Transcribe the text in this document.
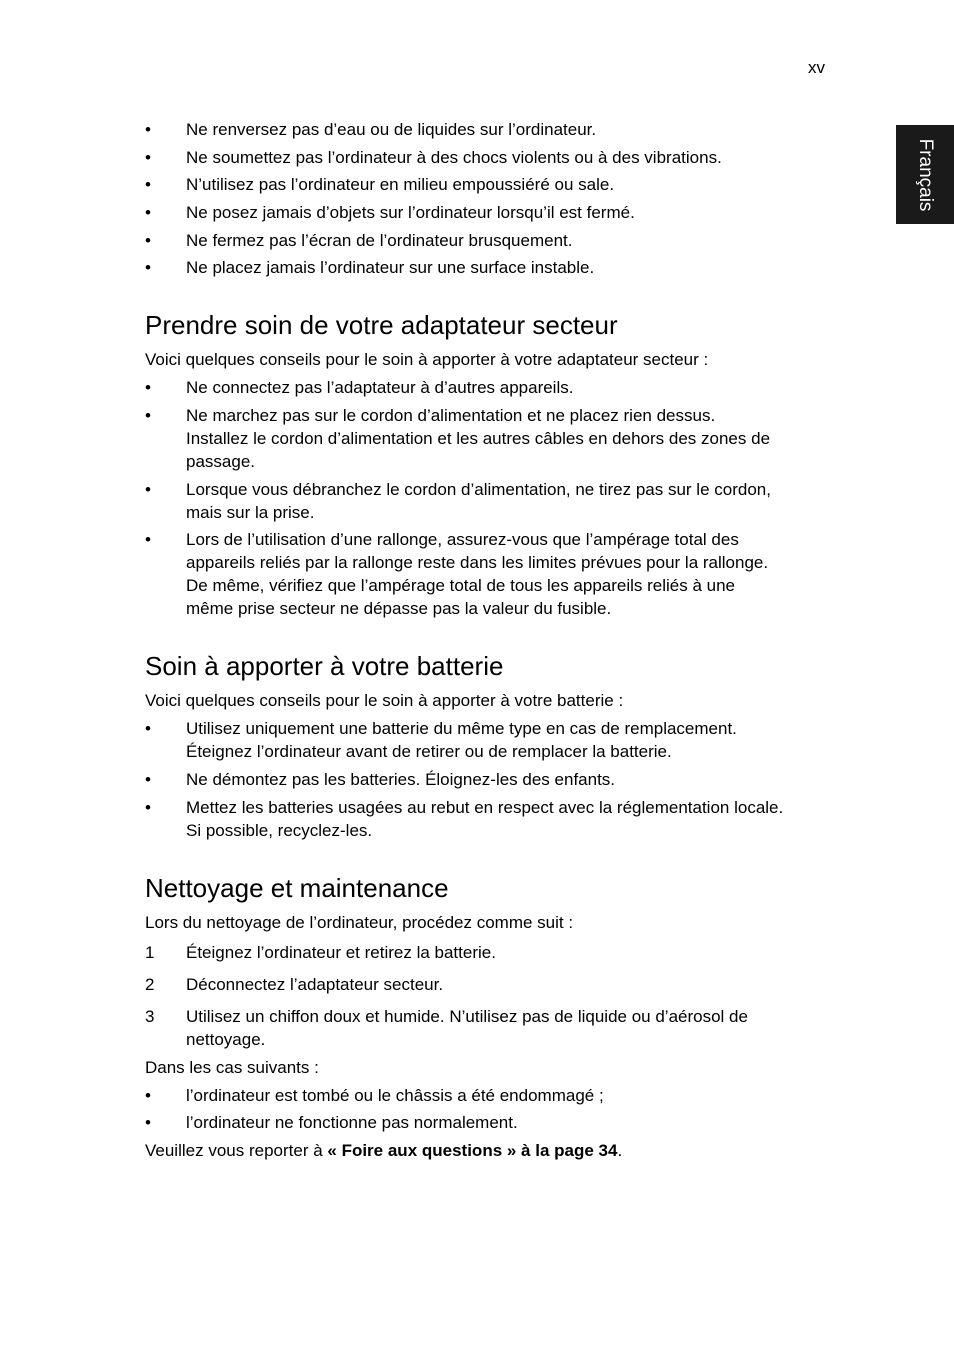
xv
Français
• Ne renversez pas d’eau ou de liquides sur l’ordinateur.
• Ne soumettez pas l’ordinateur à des chocs violents ou à des vibrations.
• N’utilisez pas l’ordinateur en milieu empoussiéré ou sale.
• Ne posez jamais d’objets sur l’ordinateur lorsqu’il est fermé.
• Ne fermez pas l’écran de l’ordinateur brusquement.
• Ne placez jamais l’ordinateur sur une surface instable.
Prendre soin de votre adaptateur secteur
Voici quelques conseils pour le soin à apporter à votre adaptateur secteur :
• Ne connectez pas l’adaptateur à d’autres appareils.
• Ne marchez pas sur le cordon d’alimentation et ne placez rien dessus.
Installez le cordon d’alimentation et les autres câbles en dehors des zones de
passage.
• Lorsque vous débranchez le cordon d’alimentation, ne tirez pas sur le cordon,
mais sur la prise.
• Lors de l’utilisation d’une rallonge, assurez-vous que l’ampérage total des
appareils reliés par la rallonge reste dans les limites prévues pour la rallonge.
De même, vérifiez que l’ampérage total de tous les appareils reliés à une
même prise secteur ne dépasse pas la valeur du fusible.
Soin à apporter à votre batterie
Voici quelques conseils pour le soin à apporter à votre batterie :
• Utilisez uniquement une batterie du même type en cas de remplacement.
Éteignez l’ordinateur avant de retirer ou de remplacer la batterie.
• Ne démontez pas les batteries. Éloignez-les des enfants.
• Mettez les batteries usagées au rebut en respect avec la réglementation locale.
Si possible, recyclez-les.
Nettoyage et maintenance
Lors du nettoyage de l’ordinateur, procédez comme suit :
1 Éteignez l’ordinateur et retirez la batterie.
2 Déconnectez l’adaptateur secteur.
3 Utilisez un chiffon doux et humide. N’utilisez pas de liquide ou d’aérosol de
nettoyage.
Dans les cas suivants :
• l’ordinateur est tombé ou le châssis a été endommagé ;
• l’ordinateur ne fonctionne pas normalement.
Veuillez vous reporter à « Foire aux questions » à la page 34.
